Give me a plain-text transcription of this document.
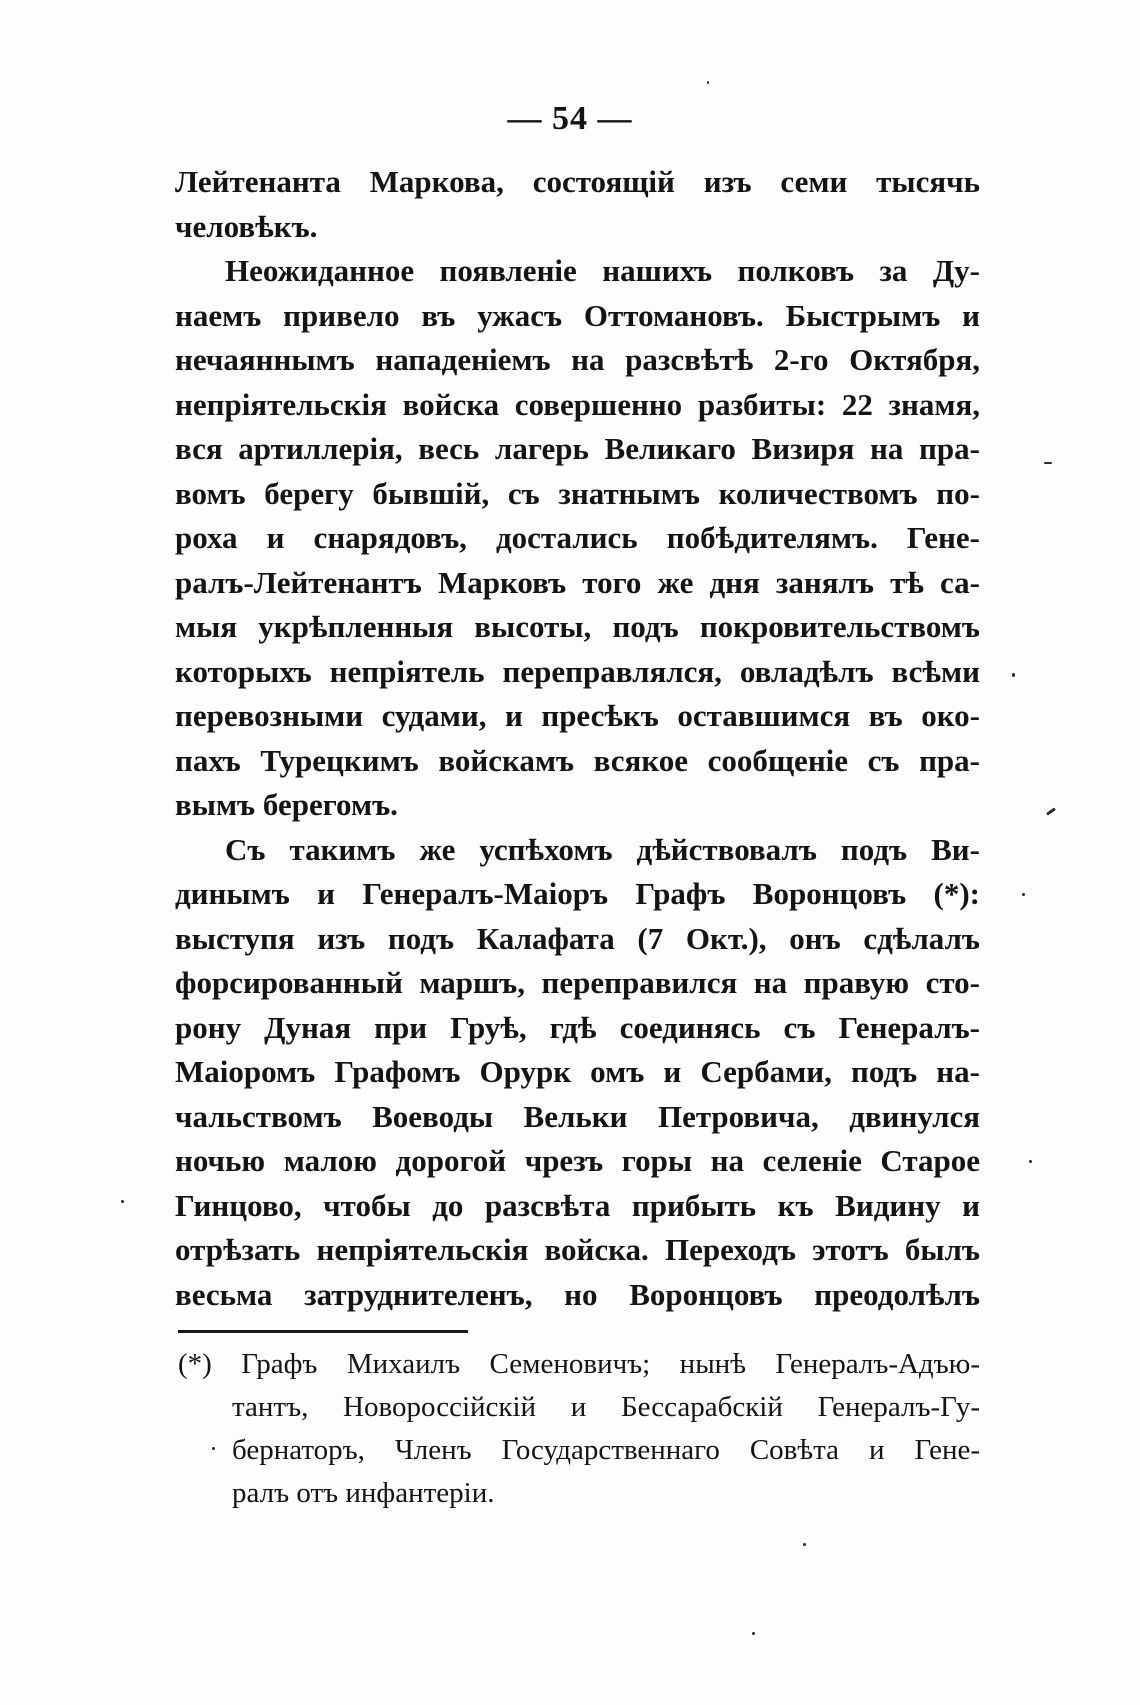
— 54 —
Лейтенанта Маркова, состоящій изъ семи тысячь
человѣкъ.
Неожиданное появленіе нашихъ полковъ за Ду-
наемъ привело въ ужасъ Оттомановъ. Быстрымъ и
нечаяннымъ нападеніемъ на разсвѣтѣ 2-го Октября,
непріятельскія войска совершенно разбиты: 22 знамя,
вся артиллерія, весь лагерь Великаго Визиря на пра-
вомъ берегу бывшій, съ знатнымъ количествомъ по-
роха и снарядовъ, достались побѣдителямъ. Гене-
ралъ-Лейтенантъ Марковъ того же дня занялъ тѣ са-
мыя укрѣпленныя высоты, подъ покровительствомъ
которыхъ непріятель переправлялся, овладѣлъ всѣми
перевозными судами, и пресѣкъ оставшимся въ око-
пахъ Турецкимъ войскамъ всякое сообщеніе съ пра-
вымъ берегомъ.
Съ такимъ же успѣхомъ дѣйствовалъ подъ Ви-
динымъ и Генералъ-Маіоръ Графъ Воронцовъ (*):
выступя изъ подъ Калафата (7 Окт.), онъ сдѣлалъ
форсированный маршъ, переправился на правую сто-
рону Дуная при Груѣ, гдѣ соединясь съ Генералъ-
Маіоромъ Графомъ Орурк омъ и Сербами, подъ на-
чальствомъ Воеводы Вельки Петровича, двинулся
ночью малою дорогой чрезъ горы на селеніе Старое
Гинцово, чтобы до разсвѣта прибыть къ Видину и
отрѣзать непріятельскія войска. Переходъ этотъ былъ
весьма затруднителенъ, но Воронцовъ преодолѣлъ
(*) Графъ Михаилъ Семеновичъ; нынѣ Генералъ-Адъю-
тантъ, Новороссійскій и Бессарабскій Генералъ-Гу-
бернаторъ, Членъ Государственнаго Совѣта и Гене-
ралъ отъ инфантеріи.
